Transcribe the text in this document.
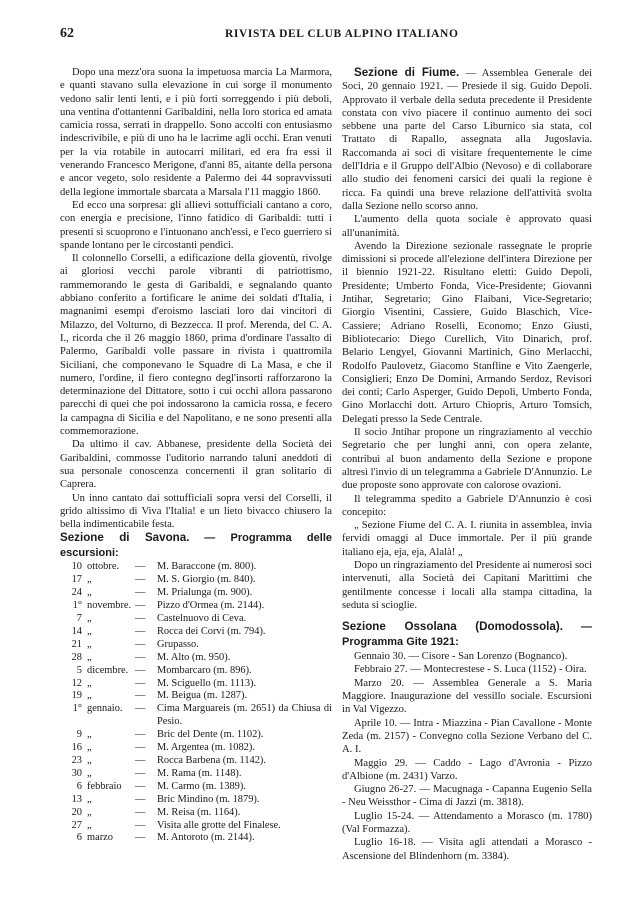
62	RIVISTA DEL CLUB ALPINO ITALIANO

Dopo una mezz'ora suona la impetuosa marcia La Marmora, e quanti stavano sulla elevazione in cui sorge il monumento vedono salir lenti lenti, e i più forti sorreggendo i più deboli, una ventina d'ottantenni Garibaldini, nella loro storica ed amata camicia rossa, serrati in drappello. Sono accolti con entusiasmo indescrivibile, e più di uno ha le lacrime agli occhi. Eran venuti per la via rotabile in autocarri militari, ed era fra essi il venerando Francesco Merigone, d'anni 85, aitante della persona e ancor vegeto, solo residente a Palermo dei 44 sopravvissuti della legione immortale sbarcata a Marsala l'11 maggio 1860.

Ed ecco una sorpresa: gli allievi sottufficiali cantano a coro, con energia e precisione, l'inno fatidico di Garibaldi: tutti i presenti si scuoprono e l'intuonano anch'essi, e l'eco guerriero si spande lontano per le circostanti pendici.

Il colonnello Corselli, a edificazione della gioventù, rivolge ai gloriosi vecchi parole vibranti di patriottismo, rammemorando le gesta di Garibaldi, e segnalando quanto abbiano conferito a fortificare le anime dei soldati d'Italia, i magnanimi esempi d'eroismo lasciati loro dai vincitori di Milazzo, del Volturno, di Bezzecca. Il prof. Merenda, del C. A. I., ricorda che il 26 maggio 1860, prima d'ordinare l'assalto di Palermo, Garibaldi volle passare in rivista i quattromila Siciliani, che componevano le Squadre di La Masa, e che il numero, l'ordine, il fiero contegno degl'insorti rafforzarono la determinazione del Dittatore, sotto i cui occhi allora passarono parecchi di quei che poi indossarono la camicia rossa, e fecero la campagna di Sicilia e del Napolitano, e ne sono presenti alla commemorazione.

Da ultimo il cav. Abbanese, presidente della Società dei Garibaldini, commosse l'uditorio narrando taluni aneddoti di sua personale conoscenza concernenti il gran solitario di Caprera.

Un inno cantato dai sottufficiali sopra versi del Corselli, il grido altissimo di Viva l'Italia! e un lieto bivacco chiusero la bella indimenticabile festa.

Sezione di Savona. — Programma delle escursioni:

10	ottobre.	—	M. Baraccone (m. 800).
17	„	—	M. S. Giorgio (m. 840).
24	„	—	M. Prialunga (m. 900).
1°	novembre.	—	Pizzo d'Ormea (m. 2144).
7	„	—	Castelnuovo di Ceva.
14	„	—	Rocca dei Corvi (m. 794).
21	„	—	Grupasso.
28	„	—	M. Alto (m. 950).
5	dicembre.	—	Mombarcaro (m. 896).
12	„	—	M. Sciguello (m. 1113).
19	„	—	M. Beigua (m. 1287).
1°	gennaio.	—	Cima Marguareis (m. 2651) da Chiusa di Pesio.
9	„	—	Bric del Dente (m. 1102).
16	„	—	M. Argentea (m. 1082).
23	„	—	Rocca Barbena (m. 1142).
30	„	—	M. Rama (m. 1148).
6	febbraio	—	M. Carmo (m. 1389).
13	„	—	Bric Mindino (m. 1879).
20	„	—	M. Reisa (m. 1164).
27	„	—	Visita alle grotte del Finalese.
6	marzo	—	M. Antoroto (m. 2144).

Sezione di Fiume. — Assemblea Generale dei Soci, 20 gennaio 1921. — Presiede il sig. Guido Depoli. Approvato il verbale della seduta precedente il Presidente constata con vivo piacere il continuo aumento dei soci sebbene una parte del Carso Liburnico sia stata, col Trattato di Rapallo, assegnata alla Jugoslavia. Raccomanda ai soci di visitare frequentemente le cime dell'Idria e il Gruppo dell'Albio (Nevoso) e di collaborare allo studio dei fenomeni carsici dei quali la regione è ricca. Fa quindi una breve relazione dell'attività svolta dalla Sezione nello scorso anno.

L'aumento della quota sociale è approvato quasi all'unanimità.

Avendo la Direzione sezionale rassegnate le proprie dimissioni si procede all'elezione dell'intera Direzione per il biennio 1921-22. Risultano eletti: Guido Depoli, Presidente; Umberto Fonda, Vice-Presidente; Giovanni Jntihar, Segretario; Gino Flaibani, Vice-Segretario; Giorgio Visentini, Cassiere, Guido Blaschich, Vice-Cassiere; Adriano Roselli, Economo; Enzo Giusti, Bibliotecario: Diego Curellich, Vito Dinarich, prof. Belario Lengyel, Giovanni Martinich, Gino Merlacchi, Rodolfo Paulovetz, Giacomo Stanfline e Vito Zaengerle, Consiglieri; Enzo De Domini, Armando Serdoz, Revisori dei conti; Carlo Asperger, Guido Depoli, Umberto Fonda, Gino Morlacchi dott. Arturo Chiopris, Arturo Tomsich, Delegati presso la Sede Centrale.

Il socio Jntihar propone un ringraziamento al vecchio Segretario che per lunghi anni, con opera zelante, contribuì al buon andamento della Sezione e propone altresì l'invio di un telegramma a Gabriele D'Annunzio. Le due proposte sono approvate con calorose ovazioni.

Il telegramma spedito a Gabriele D'Annunzio è così concepito:

„ Sezione Fiume del C. A. I. riunita in assemblea, invia fervidi omaggi al Duce immortale. Per il più grande italiano eja, eja, eja, Alalà! „

Dopo un ringraziamento del Presidente ai numerosi soci intervenuti, alla Società dei Capitani Marittimi che gentilmente concesse i locali alla stampa cittadina, la seduta si scioglie.

Sezione Ossolana (Domodossola). — Programma Gite 1921:

Gennaio 30. — Cisore - San Lorenzo (Bognanco).

Febbraio 27. — Montecrestese - S. Luca (1152) - Oira.

Marzo 20. — Assemblea Generale a S. Maria Maggiore. Inaugurazione del vessillo sociale. Escursioni in Val Vigezzo.

Aprile 10. — Intra - Miazzina - Pian Cavallone - Monte Zeda (m. 2157) - Convegno colla Sezione Verbano del C. A. I.

Maggio 29. — Caddo - Lago d'Avronia - Pizzo d'Albione (m. 2431) Varzo.

Giugno 26-27. — Macugnaga - Capanna Eugenio Sella - Neu Weissthor - Cima di Jazzi (m. 3818).

Luglio 15-24. — Attendamento a Morasco (m. 1780) (Val Formazza).

Luglio 16-18. — Visita agli attendati a Morasco - Ascensione del Blindenhorn (m. 3384).
